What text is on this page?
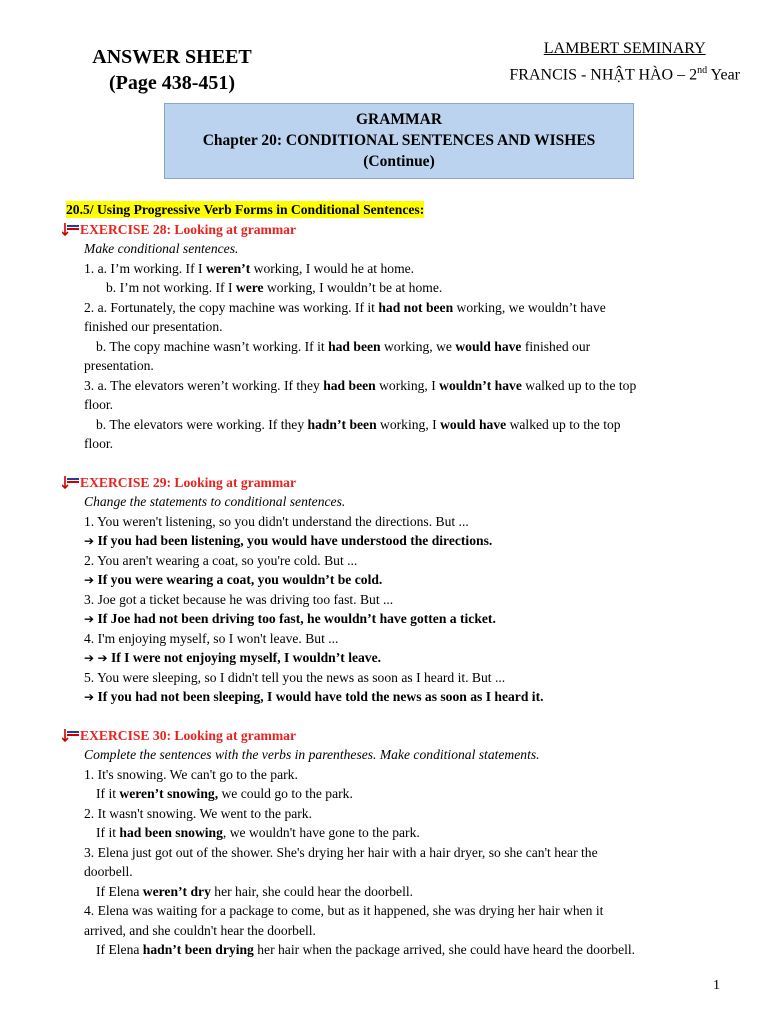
ANSWER SHEET
(Page 438-451)
LAMBERT SEMINARY
FRANCIS - NHẬT HÀO – 2nd Year
GRAMMAR
Chapter 20: CONDITIONAL SENTENCES AND WISHES
(Continue)
20.5/ Using Progressive Verb Forms in Conditional Sentences:
EXERCISE 28: Looking at grammar
Make conditional sentences.
1. a. I’m working. If I weren’t working, I would he at home.
b. I’m not working. If I were working, I wouldn’t be at home.
2. a. Fortunately, the copy machine was working. If it had not been working, we wouldn’t have
finished our presentation.
b. The copy machine wasn’t working. If it had been working, we would have finished our
presentation.
3. a. The elevators weren’t working. If they had been working, I wouldn’t have walked up to the top
floor.
b. The elevators were working. If they hadn’t been working, I would have walked up to the top
floor.
EXERCISE 29: Looking at grammar
Change the statements to conditional sentences.
1. You weren't listening, so you didn't understand the directions. But ...
➔ If you had been listening, you would have understood the directions.
2. You aren't wearing a coat, so you're cold. But ...
➔ If you were wearing a coat, you wouldn’t be cold.
3. Joe got a ticket because he was driving too fast. But ...
➔ If Joe had not been driving too fast, he wouldn’t have gotten a ticket.
4. I'm enjoying myself, so I won't leave. But ...
➔ ➔ If I were not enjoying myself, I wouldn’t leave.
5. You were sleeping, so I didn't tell you the news as soon as I heard it. But ...
➔ If you had not been sleeping, I would have told the news as soon as I heard it.
EXERCISE 30: Looking at grammar
Complete the sentences with the verbs in parentheses. Make conditional statements.
1. It's snowing. We can't go to the park.
If it weren’t snowing, we could go to the park.
2. It wasn't snowing. We went to the park.
If it had been snowing, we wouldn't have gone to the park.
3. Elena just got out of the shower. She's drying her hair with a hair dryer, so she can't hear the
doorbell.
If Elena weren’t dry her hair, she could hear the doorbell.
4. Elena was waiting for a package to come, but as it happened, she was drying her hair when it
arrived, and she couldn't hear the doorbell.
If Elena hadn’t been drying her hair when the package arrived, she could have heard the doorbell.
1
